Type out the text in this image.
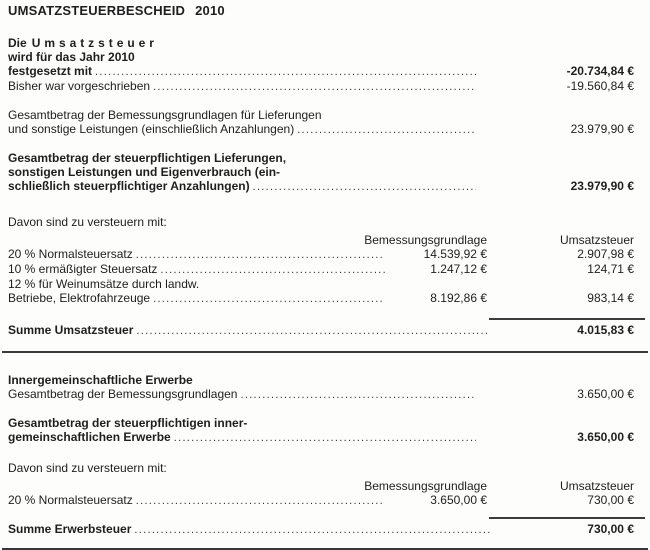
UMSATZSTEUERBESCHEID 2010
Die Umsatzsteuer
wird für das Jahr 2010
festgesetzt mit .....	-20.734,84 €
Bisher war vorgeschrieben .....	-19.560,84 €
Gesamtbetrag der Bemessungsgrundlagen für Lieferungen
und sonstige Leistungen (einschließlich Anzahlungen) .....	23.979,90 €
Gesamtbetrag der steuerpflichtigen Lieferungen,
sonstigen Leistungen und Eigenverbrauch (ein-
schließlich steuerpflichtiger Anzahlungen) .....	23.979,90 €
Davon sind zu versteuern mit:
Bemessungsgrundlage	Umsatzsteuer
20 % Normalsteuersatz .....	14.539,92 €	2.907,98 €
10 % ermäßigter Steuersatz .....	1.247,12 €	124,71 €
12 % für Weinumsätze durch landw.
Betriebe, Elektrofahrzeuge .....	8.192,86 €	983,14 €
Summe Umsatzsteuer .....	4.015,83 €
Innergemeinschaftliche Erwerbe
Gesamtbetrag der Bemessungsgrundlagen .....	3.650,00 €
Gesamtbetrag der steuerpflichtigen inner-
gemeinschaftlichen Erwerbe .....	3.650,00 €
Davon sind zu versteuern mit:
Bemessungsgrundlage	Umsatzsteuer
20 % Normalsteuersatz .....	3.650,00 €	730,00 €
Summe Erwerbsteuer .....	730,00 €
